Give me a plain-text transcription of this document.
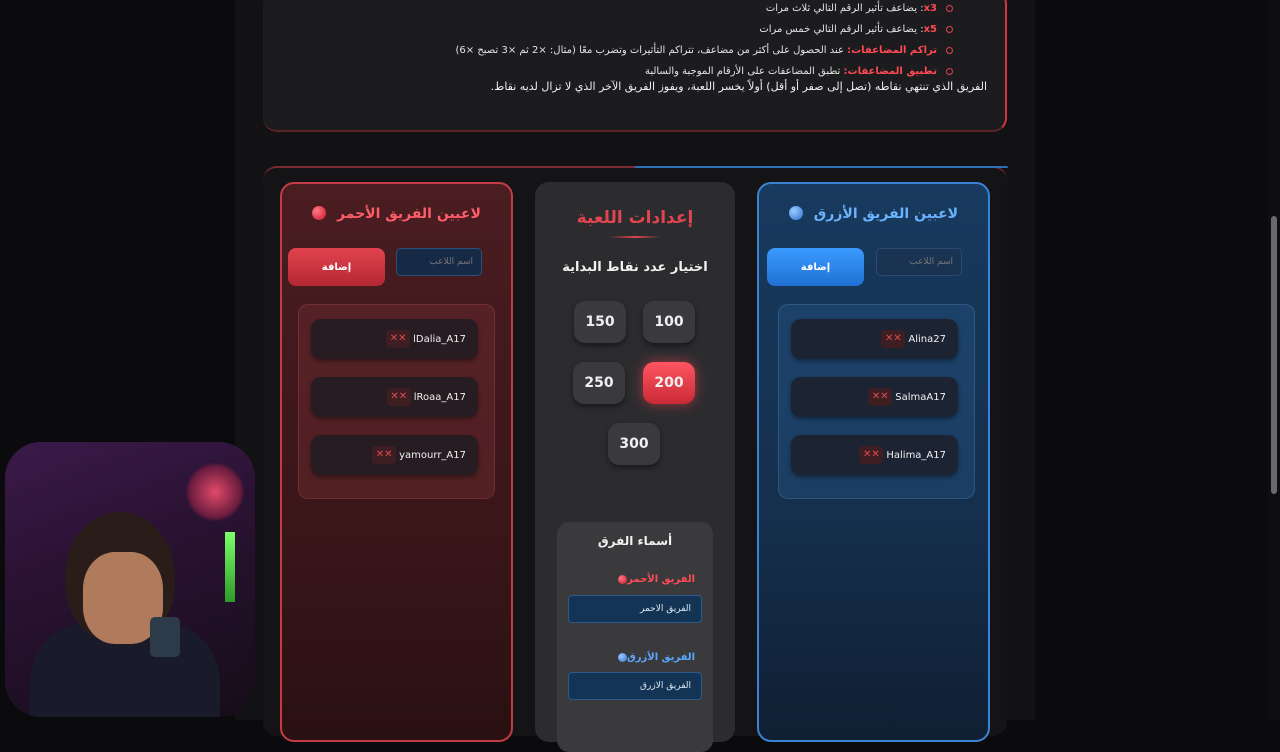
x3: يضاعف تأثير الرقم التالي ثلاث مرات
x5: يضاعف تأثير الرقم التالي خمس مرات
تراكم المضاعفات: عند الحصول على أكثر من مضاعف، تتراكم التأثيرات وتضرب معًا (مثال: ×2 ثم ×3 تصبح ×6)
تطبيق المضاعفات: تطبق المضاعفات على الأرقام الموجبة والسالبة
الفريق الذي تنتهي نقاطه (تصل إلى صفر أو أقل) أولاً يخسر اللعبة، ويفوز الفريق الآخر الذي لا تزال لديه نقاط.
لاعبين الفريق الأحمر
إضافة
اسم اللاعب
✕✕ lDalia_A17
✕✕ lRoaa_A17
✕✕ yamourr_A17
إعدادات اللعبة
اختيار عدد نقاط البداية
100
150
200
250
300
أسماء الفرق
الفريق الأحمر
الفريق الأحمر
الفريق الأزرق
الفريق الأزرق
لاعبين الفريق الأزرق
إضافة
اسم اللاعب
✕✕ Alina27
✕✕ SalmaA17
✕✕ Halima_A17
